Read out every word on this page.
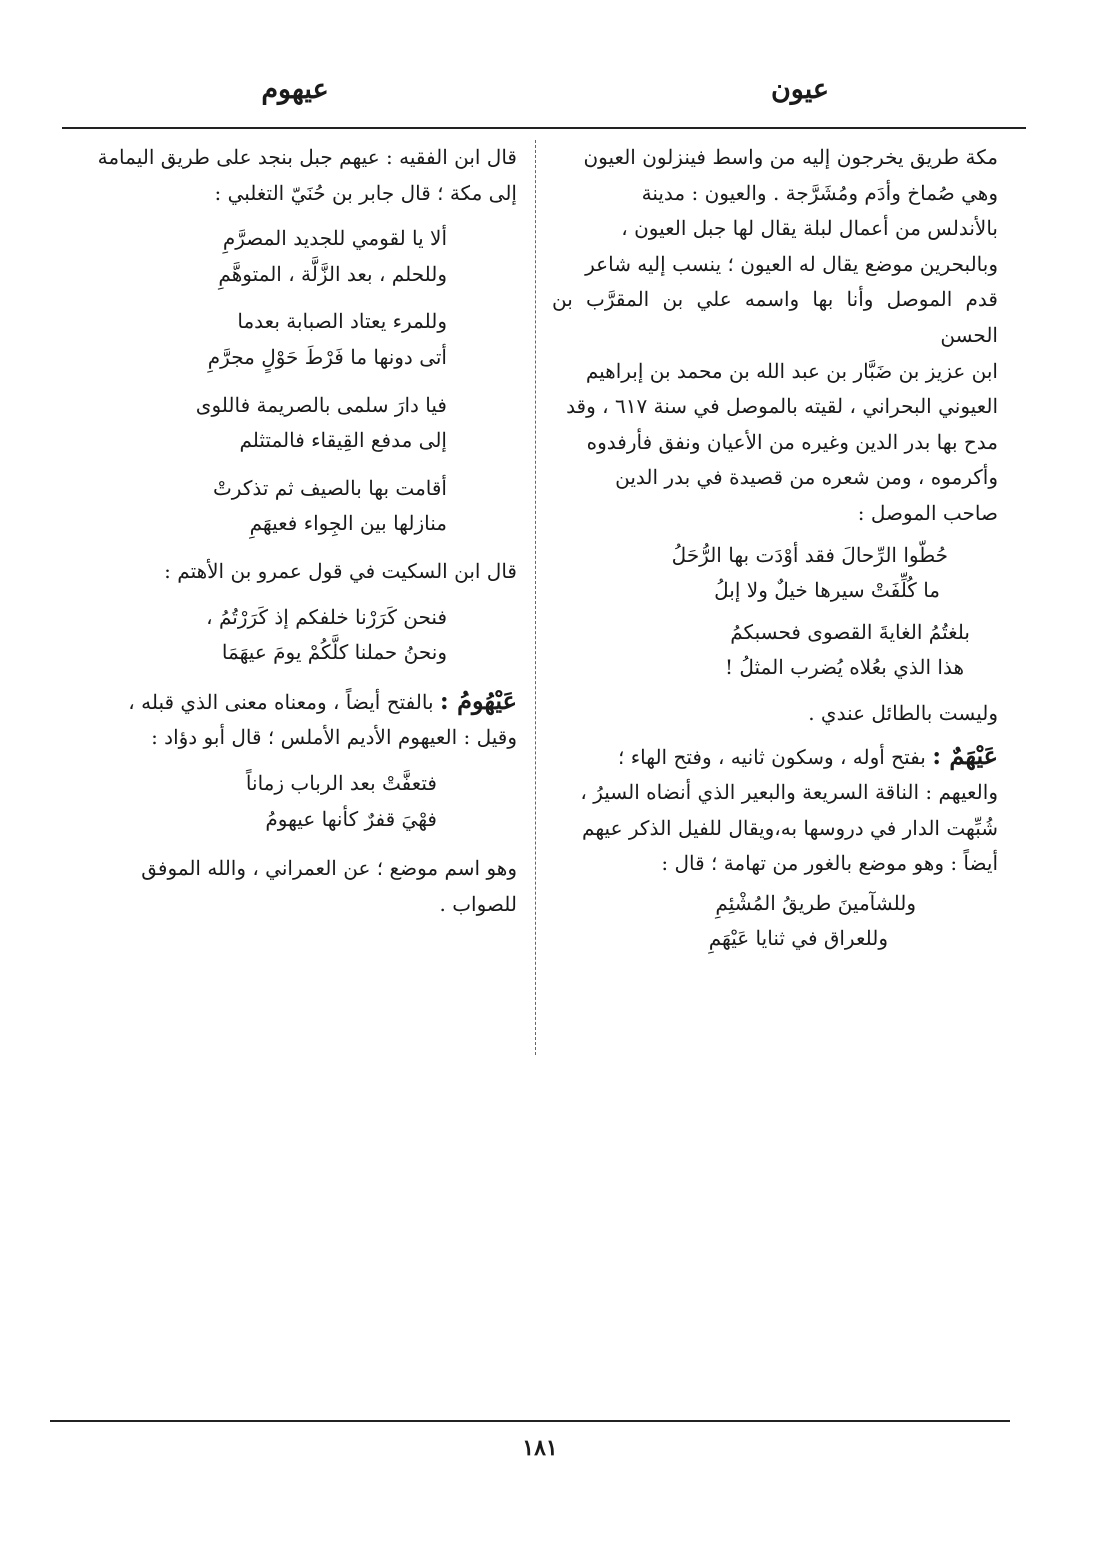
عيون
عيهوم

مكة طريق يخرجون إليه من واسط فينزلون العيون

وهي صُماخ وأدَم ومُشَرَّجة . والعيون : مدينة

بالأندلس من أعمال لبلة يقال لها جبل العيون ،

وبالبحرين موضع يقال له العيون ؛ ينسب إليه شاعر

قدم الموصل وأنا بها واسمه علي بن المقرَّب بن الحسن

ابن عزيز بن ضَبَّار بن عبد الله بن محمد بن إبراهيم

العيوني البحراني ، لقيته بالموصل في سنة ٦١٧ ، وقد

مدح بها بدر الدين وغيره من الأعيان ونفق فأرفدوه

وأكرموه ، ومن شعره من قصيدة في بدر الدين

صاحب الموصل :

حُطّوا الرِّحالَ فقد أوْدَت بها الرُّحَلُ
ما كُلِّفَتْ سيرها خيلٌ ولا إبلُ
بلغتُمُ الغايةَ القصوى فحسبكمُ
هذا الذي بعُلاه يُضرب المثلُ !

وليست بالطائل عندي .

عَيْهَمٌ : بفتح أوله ، وسكون ثانيه ، وفتح الهاء ؛

والعيهم : الناقة السريعة والبعير الذي أنضاه السيرُ ،

شُبِّهت الدار في دروسها به،ويقال للفيل الذكر عيهم

أيضاً : وهو موضع بالغور من تهامة ؛ قال :

وللشآمينَ طريقُ المُشْئِمِ
وللعراق في ثنايا عَيْهَمِ

قال ابن الفقيه : عيهم جبل بنجد على طريق اليمامة

إلى مكة ؛ قال جابر بن حُنَيّ التغلبي :

ألا يا لقومي للجديد المصرَّمِ
وللحلم ، بعد الزَّلَّة ، المتوهَّمِ
وللمرء يعتاد الصبابة بعدما
أتى دونها ما فَرْطَ حَوْلٍ مجرَّمِ
فيا دارَ سلمى بالصريمة فاللوى
إلى مدفع القِيقاء فالمتثلم
أقامت بها بالصيف ثم تذكرتْ
منازلها بين الجِواء فعيهَمِ

قال ابن السكيت في قول عمرو بن الأهتم :

فنحن كَرَرْنا خلفكم إذ كَرَرْتُمُ ،
ونحنُ حملنا كلَّكُمْ يومَ عيهَمَا

عَيْهُومُ : بالفتح أيضاً ، ومعناه معنى الذي قبله ،

وقيل : العيهوم الأديم الأملس ؛ قال أبو دؤاد :

فتعفَّتْ بعد الرباب زماناً
فهْيَ قفرٌ كأنها عيهومُ

وهو اسم موضع ؛ عن العمراني ، والله الموفق

للصواب .

١٨١
